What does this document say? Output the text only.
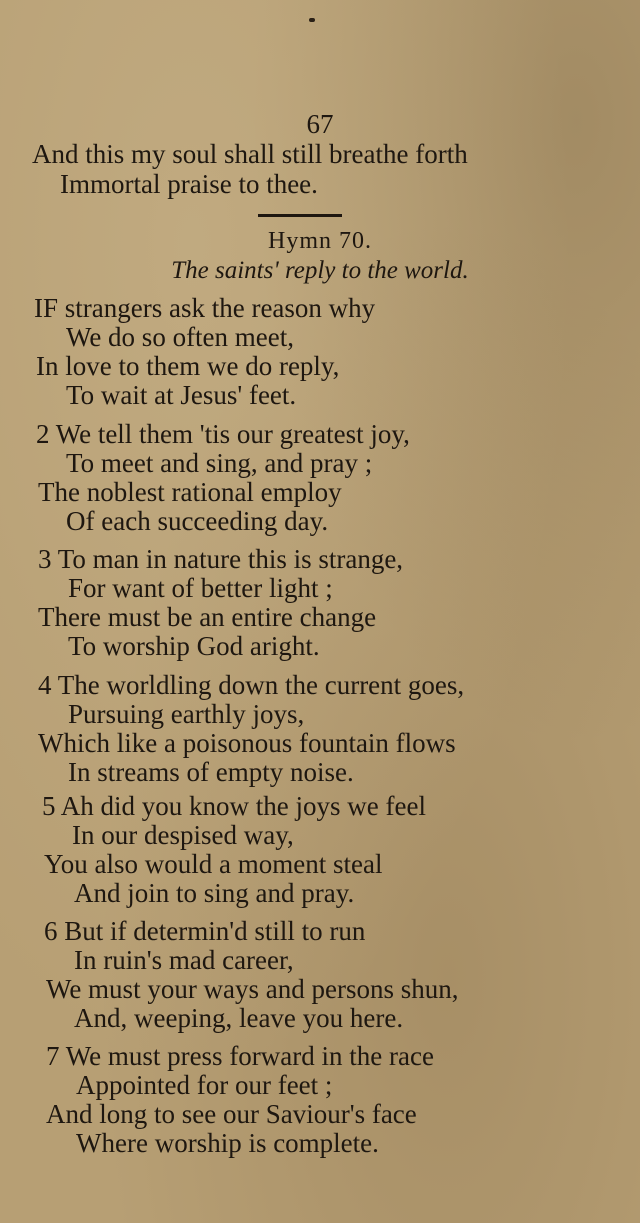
67
And this my soul shall still breathe forth
Immortal praise to thee.
Hymn 70.
The saints' reply to the world.
IF strangers ask the reason why
We do so often meet,
In love to them we do reply,
To wait at Jesus' feet.
2 We tell them 'tis our greatest joy,
To meet and sing, and pray ;
The noblest rational employ
Of each succeeding day.
3 To man in nature this is strange,
For want of better light ;
There must be an entire change
To worship God aright.
4 The worldling down the current goes,
Pursuing earthly joys,
Which like a poisonous fountain flows
In streams of empty noise.
5 Ah did you know the joys we feel
In our despised way,
You also would a moment steal
And join to sing and pray.
6 But if determin'd still to run
In ruin's mad career,
We must your ways and persons shun,
And, weeping, leave you here.
7 We must press forward in the race
Appointed for our feet ;
And long to see our Saviour's face
Where worship is complete.
